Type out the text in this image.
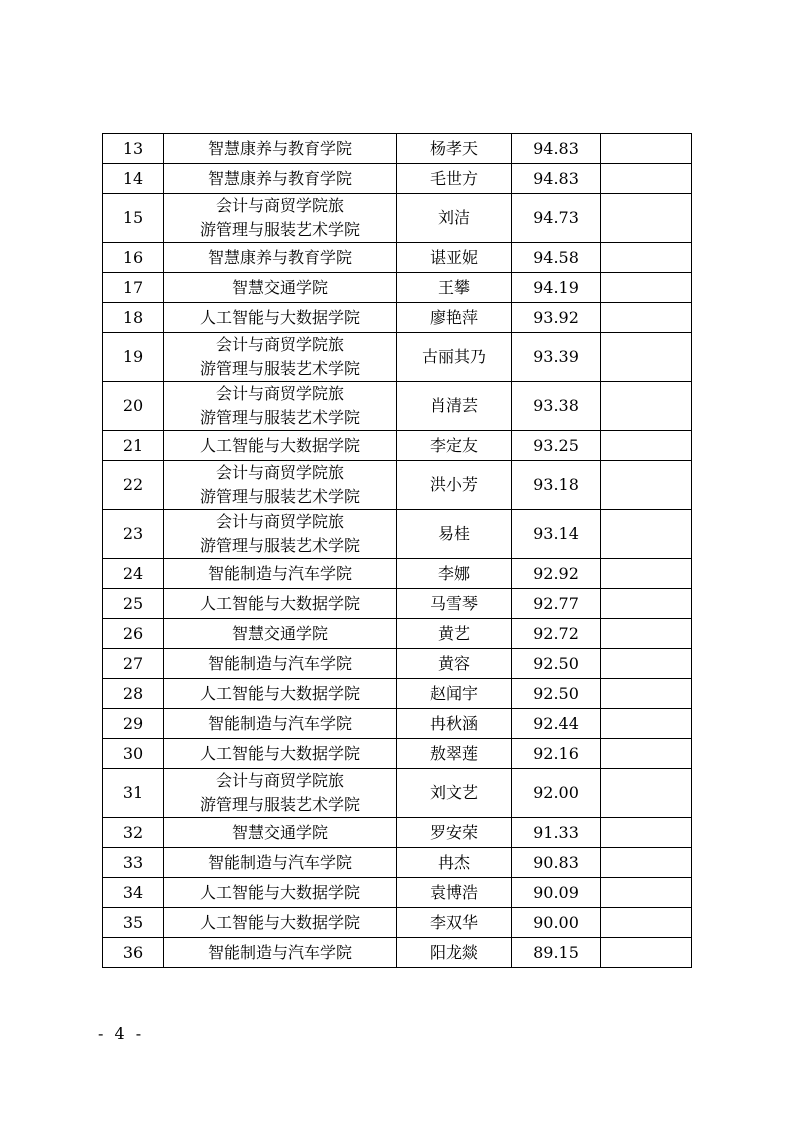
13	智慧康养与教育学院	杨孝天	94.83	
14	智慧康养与教育学院	毛世方	94.83	
15	会计与商贸学院旅
游管理与服装艺术学院	刘洁	94.73	
16	智慧康养与教育学院	谌亚妮	94.58	
17	智慧交通学院	王攀	94.19	
18	人工智能与大数据学院	廖艳萍	93.92	
19	会计与商贸学院旅
游管理与服装艺术学院	古丽其乃	93.39	
20	会计与商贸学院旅
游管理与服装艺术学院	肖清芸	93.38	
21	人工智能与大数据学院	李定友	93.25	
22	会计与商贸学院旅
游管理与服装艺术学院	洪小芳	93.18	
23	会计与商贸学院旅
游管理与服装艺术学院	易桂	93.14	
24	智能制造与汽车学院	李娜	92.92	
25	人工智能与大数据学院	马雪琴	92.77	
26	智慧交通学院	黄艺	92.72	
27	智能制造与汽车学院	黄容	92.50	
28	人工智能与大数据学院	赵闻宇	92.50	
29	智能制造与汽车学院	冉秋涵	92.44	
30	人工智能与大数据学院	敖翠莲	92.16	
31	会计与商贸学院旅
游管理与服装艺术学院	刘文艺	92.00	
32	智慧交通学院	罗安荣	91.33	
33	智能制造与汽车学院	冉杰	90.83	
34	人工智能与大数据学院	袁博浩	90.09	
35	人工智能与大数据学院	李双华	90.00	
36	智能制造与汽车学院	阳龙燚	89.15	
- 4 -
